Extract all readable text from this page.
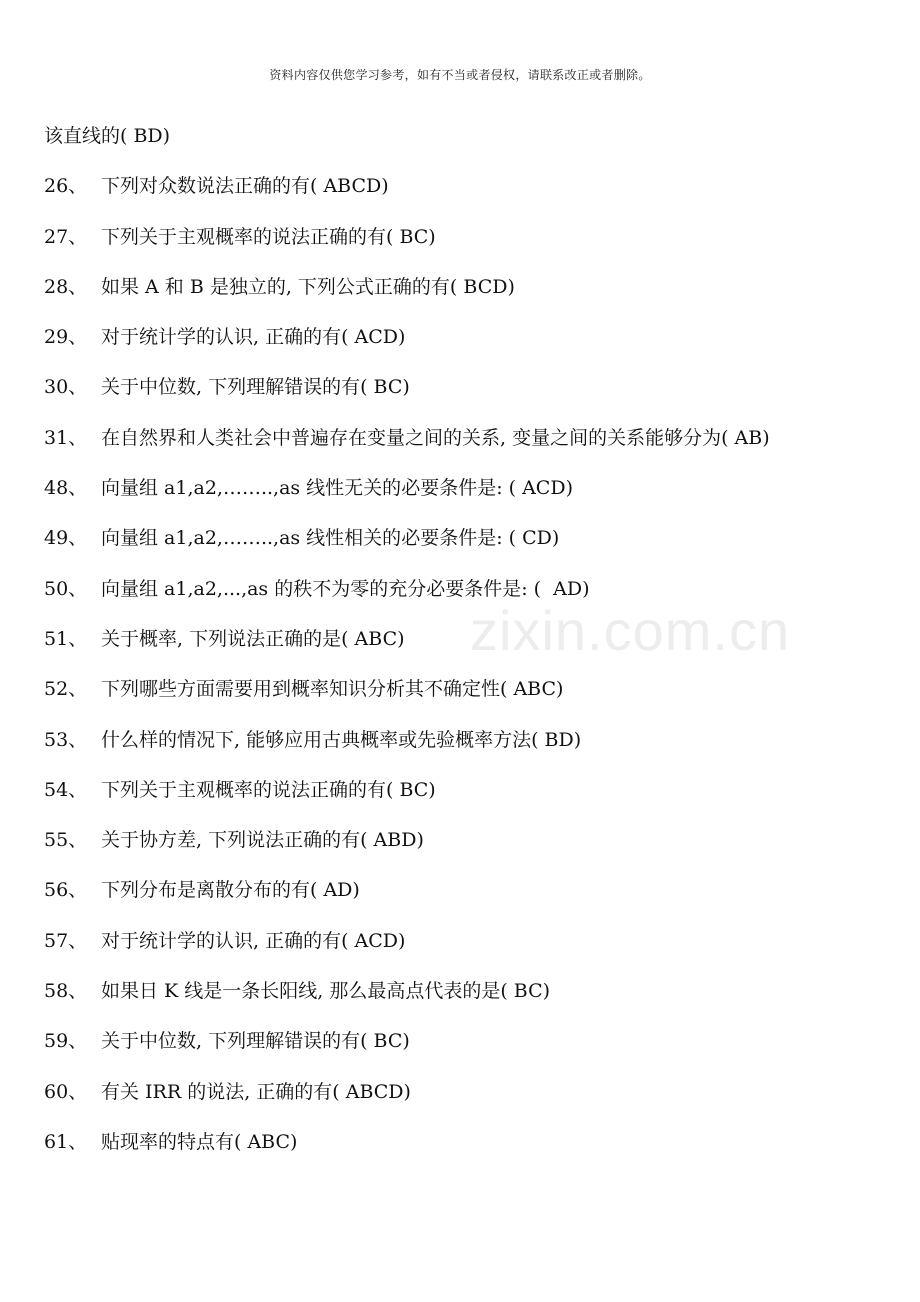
资料内容仅供您学习参考，如有不当或者侵权，请联系改正或者删除。
zixin.com.cn
该直线的( BD)
26、 下列对众数说法正确的有( ABCD)
27、 下列关于主观概率的说法正确的有( BC)
28、 如果 A 和 B 是独立的, 下列公式正确的有( BCD)
29、 对于统计学的认识, 正确的有( ACD)
30、 关于中位数, 下列理解错误的有( BC)
31、 在自然界和人类社会中普遍存在变量之间的关系, 变量之间的关系能够分为( AB)
48、 向量组 a1,a2,……..,as 线性无关的必要条件是: ( ACD)
49、 向量组 a1,a2,……..,as 线性相关的必要条件是: ( CD)
50、 向量组 a1,a2,...,as 的秩不为零的充分必要条件是: (  AD)
51、 关于概率, 下列说法正确的是( ABC)
52、 下列哪些方面需要用到概率知识分析其不确定性( ABC)
53、 什么样的情况下, 能够应用古典概率或先验概率方法( BD)
54、 下列关于主观概率的说法正确的有( BC)
55、 关于协方差, 下列说法正确的有( ABD)
56、 下列分布是离散分布的有( AD)
57、 对于统计学的认识, 正确的有( ACD)
58、 如果日 K 线是一条长阳线, 那么最高点代表的是( BC)
59、 关于中位数, 下列理解错误的有( BC)
60、 有关 IRR 的说法, 正确的有( ABCD)
61、 贴现率的特点有( ABC)
